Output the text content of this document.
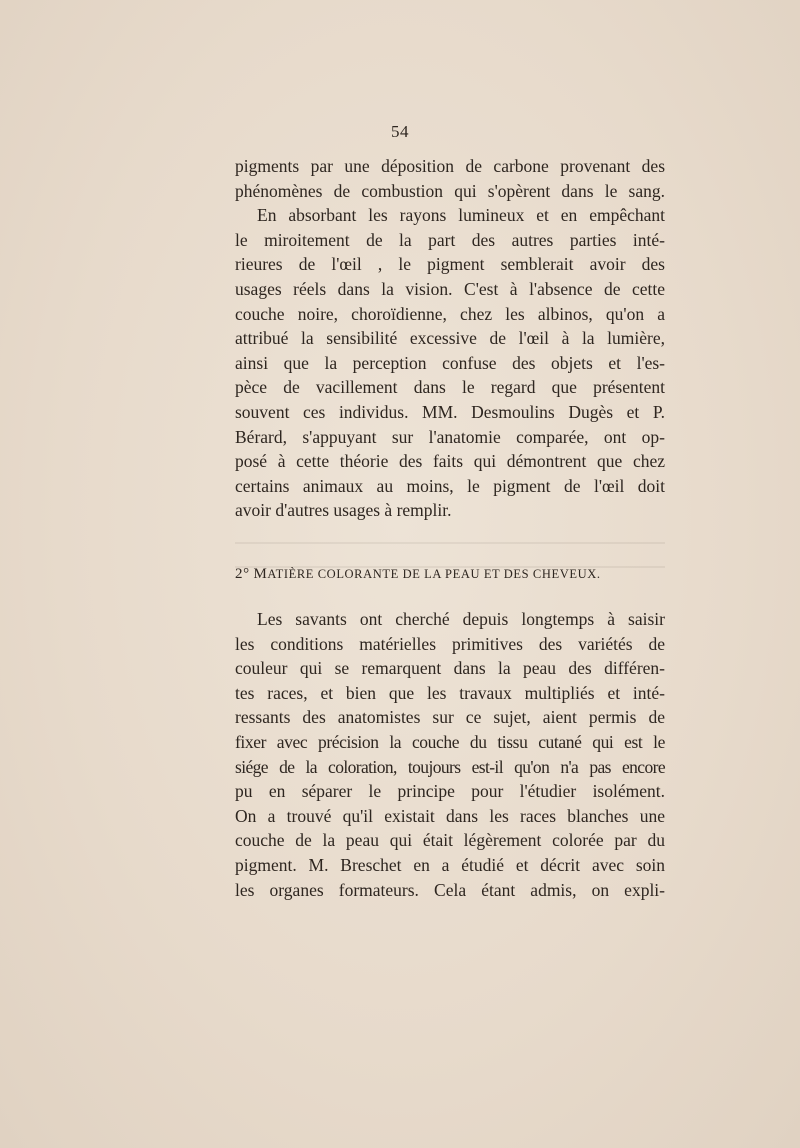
54
pigments par une déposition de carbone provenant des
phénomènes de combustion qui s'opèrent dans le sang.
En absorbant les rayons lumineux et en empêchant
le miroitement de la part des autres parties inté-
rieures de l'œil , le pigment semblerait avoir des
usages réels dans la vision. C'est à l'absence de cette
couche noire, choroïdienne, chez les albinos, qu'on a
attribué la sensibilité excessive de l'œil à la lumière,
ainsi que la perception confuse des objets et l'es-
pèce de vacillement dans le regard que présentent
souvent ces individus. MM. Desmoulins Dugès et P.
Bérard, s'appuyant sur l'anatomie comparée, ont op-
posé à cette théorie des faits qui démontrent que chez
certains animaux au moins, le pigment de l'œil doit
avoir d'autres usages à remplir.
2° MATIÈRE COLORANTE DE LA PEAU ET DES CHEVEUX.
Les savants ont cherché depuis longtemps à saisir
les conditions matérielles primitives des variétés de
couleur qui se remarquent dans la peau des différen-
tes races, et bien que les travaux multipliés et inté-
ressants des anatomistes sur ce sujet, aient permis de
fixer avec précision la couche du tissu cutané qui est le
siége de la coloration, toujours est-il qu'on n'a pas encore
pu en séparer le principe pour l'étudier isolément.
On a trouvé qu'il existait dans les races blanches une
couche de la peau qui était légèrement colorée par du
pigment. M. Breschet en a étudié et décrit avec soin
les organes formateurs. Cela étant admis, on expli-
